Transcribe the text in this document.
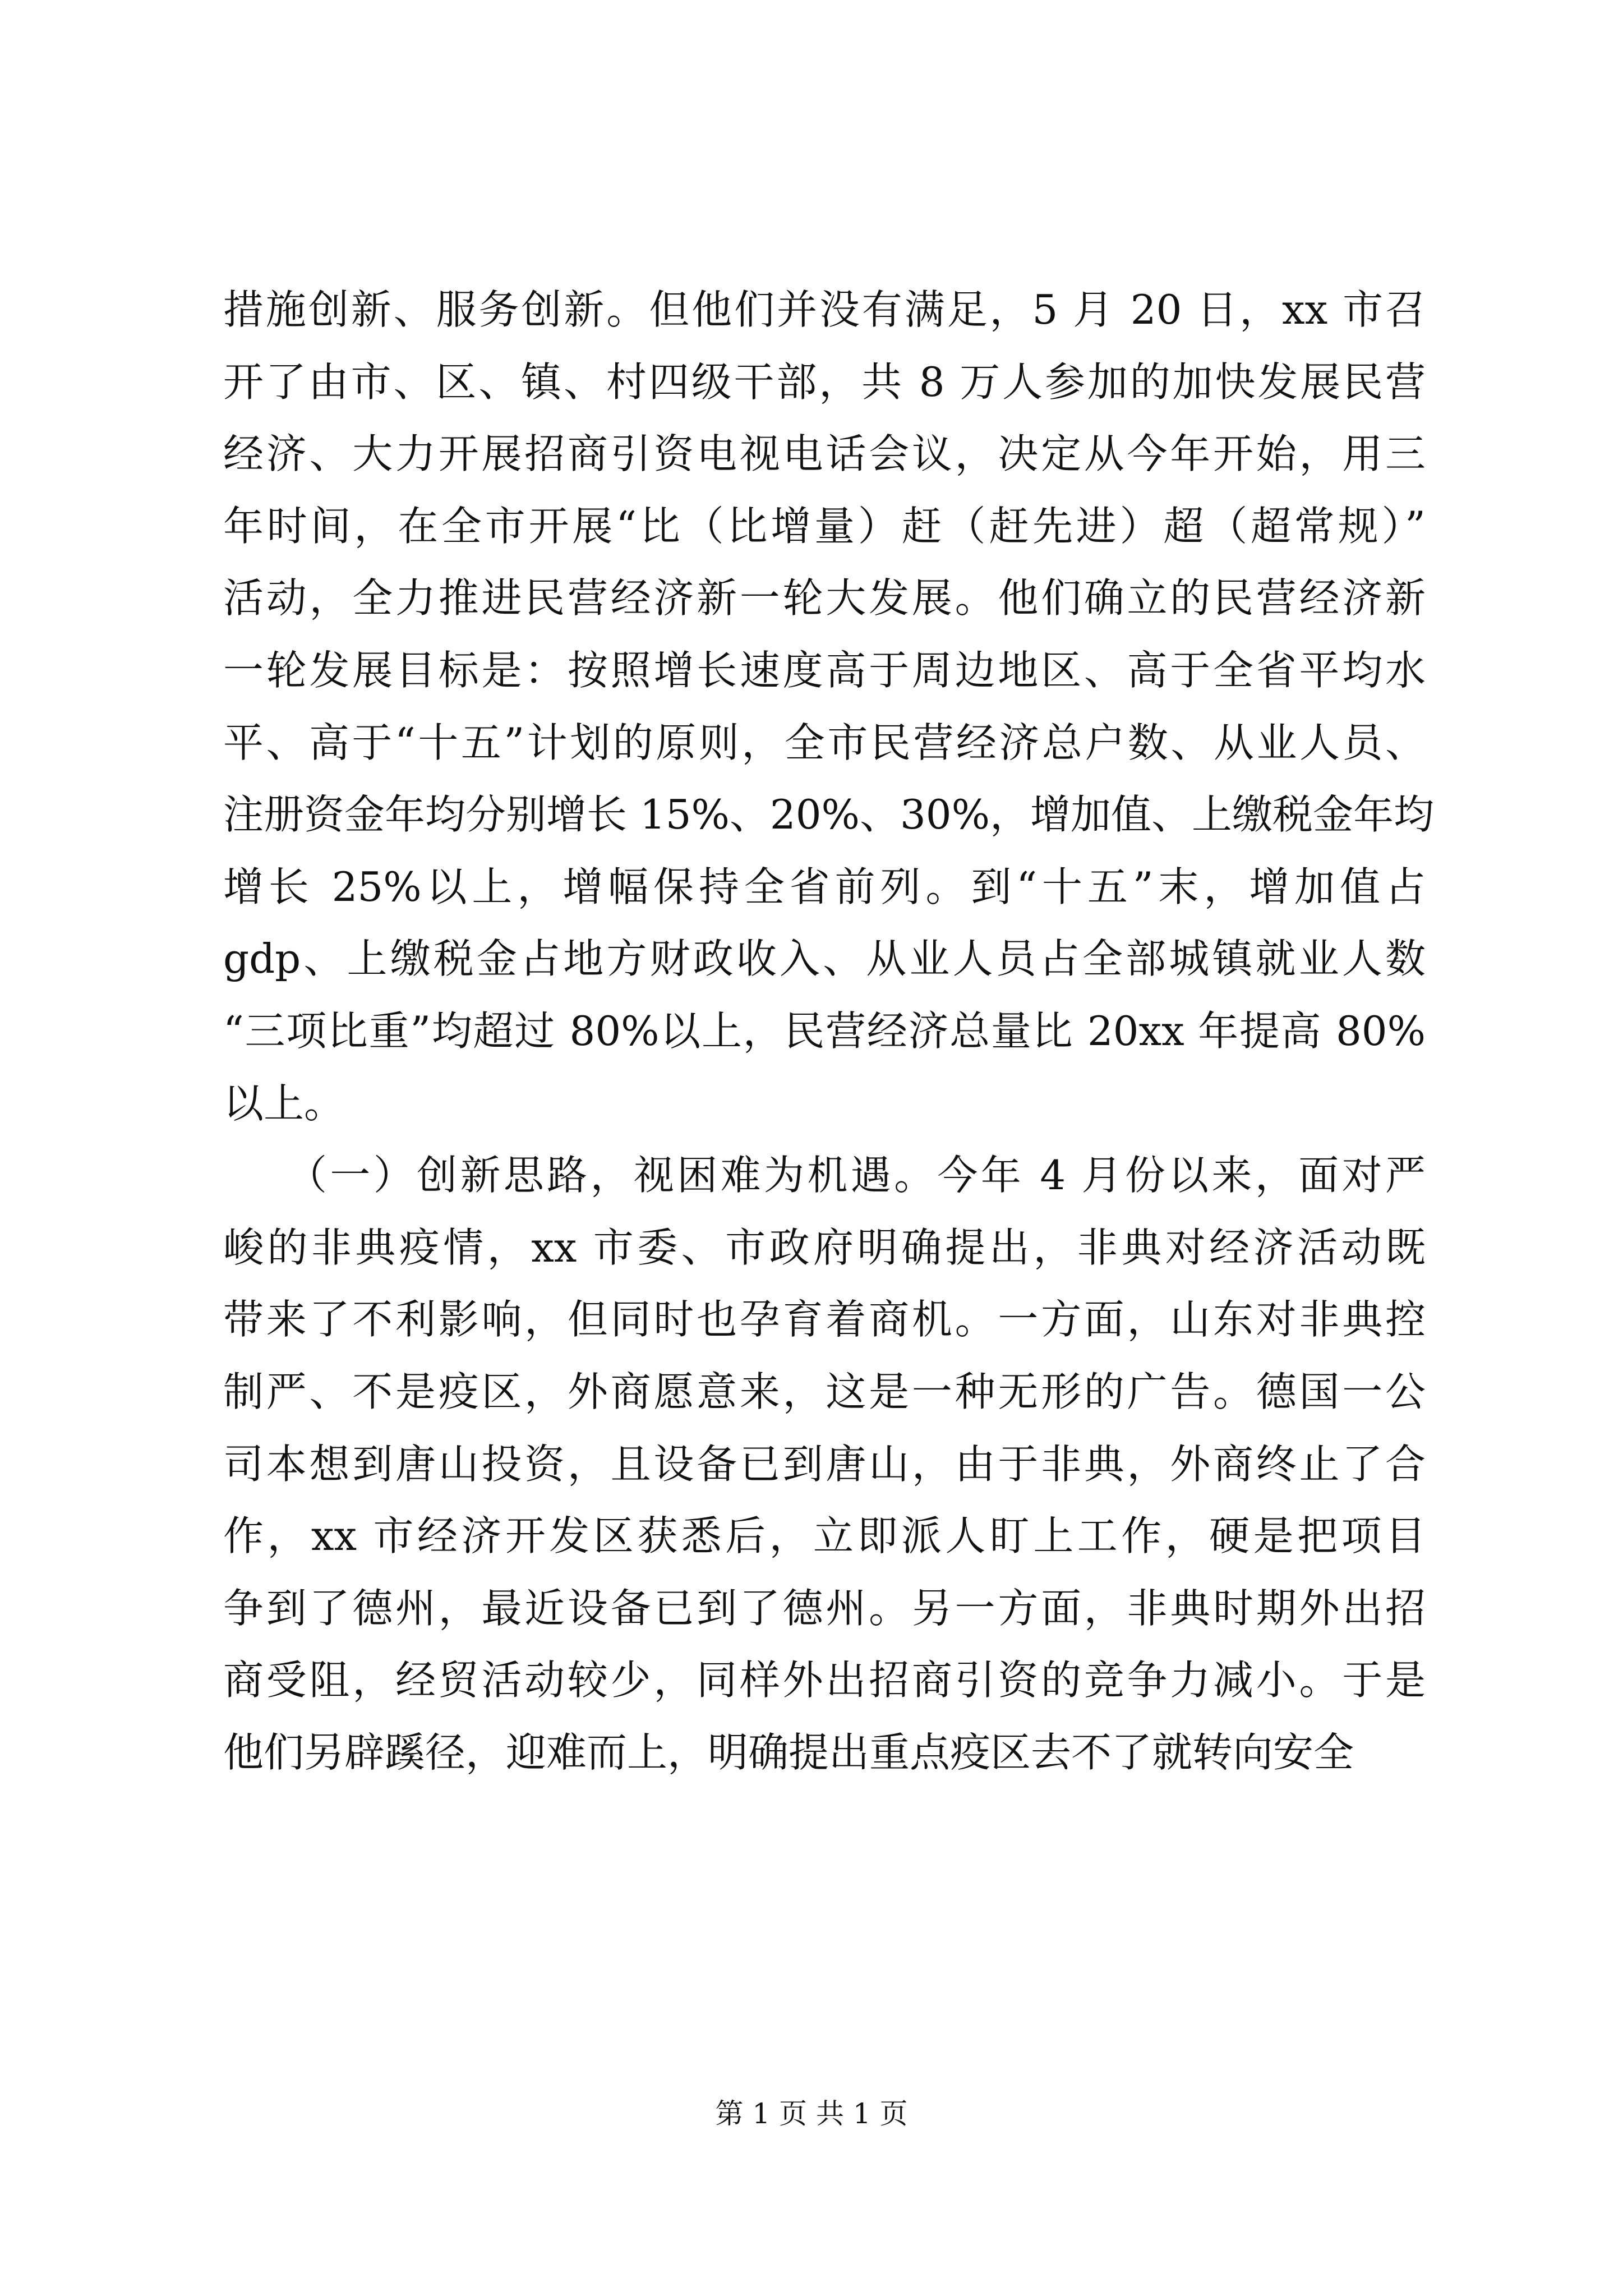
措施创新、服务创新。但他们并没有满足，5 月 20 日，xx 市召
开了由市、区、镇、村四级干部，共 8 万人参加的加快发展民营
经济、大力开展招商引资电视电话会议，决定从今年开始，用三
年时间，在全市开展“比（比增量）赶（赶先进）超（超常规）”
活动，全力推进民营经济新一轮大发展。他们确立的民营经济新
一轮发展目标是：按照增长速度高于周边地区、高于全省平均水
平、高于“十五”计划的原则，全市民营经济总户数、从业人员、
注册资金年均分别增长 15%、20%、30%，增加值、上缴税金年均
增长 25%以上，增幅保持全省前列。到“十五”末，增加值占
gdp、上缴税金占地方财政收入、从业人员占全部城镇就业人数
“三项比重”均超过 80%以上，民营经济总量比 20xx 年提高 80%
以上。
（一）创新思路，视困难为机遇。今年 4 月份以来，面对严
峻的非典疫情，xx 市委、市政府明确提出，非典对经济活动既
带来了不利影响，但同时也孕育着商机。一方面，山东对非典控
制严、不是疫区，外商愿意来，这是一种无形的广告。德国一公
司本想到唐山投资，且设备已到唐山，由于非典，外商终止了合
作，xx 市经济开发区获悉后，立即派人盯上工作，硬是把项目
争到了德州，最近设备已到了德州。另一方面，非典时期外出招
商受阻，经贸活动较少，同样外出招商引资的竞争力减小。于是
他们另辟蹊径，迎难而上，明确提出重点疫区去不了就转向安全
第 1 页 共 1 页
